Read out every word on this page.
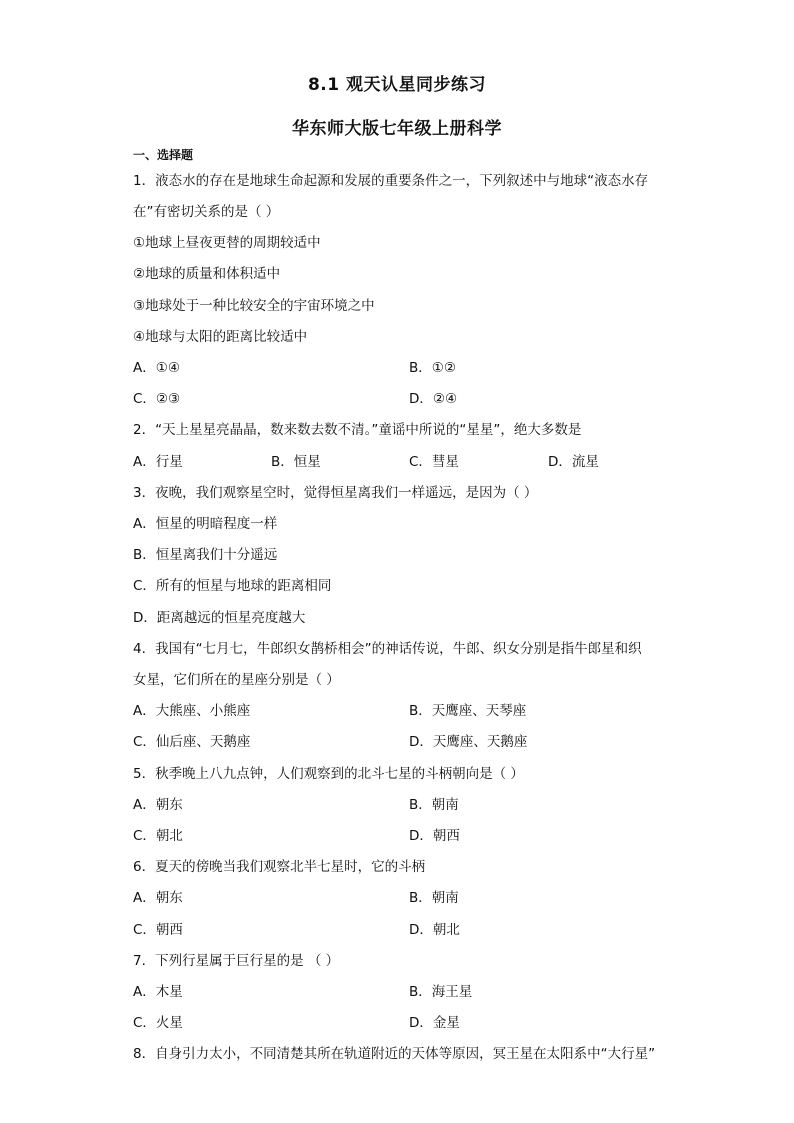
8.1 观天认星同步练习
华东师大版七年级上册科学
一、选择题
1．液态水的存在是地球生命起源和发展的重要条件之一，下列叙述中与地球“液态水存
在”有密切关系的是（ ）
①地球上昼夜更替的周期较适中
②地球的质量和体积适中
③地球处于一种比较安全的宇宙环境之中
④地球与太阳的距离比较适中
A．①④	B．①②
C．②③	D．②④
2．“天上星星亮晶晶，数来数去数不清。”童谣中所说的“星星”，绝大多数是
A．行星	B．恒星	C．彗星	D．流星
3．夜晚，我们观察星空时，觉得恒星离我们一样遥远，是因为（ ）
A．恒星的明暗程度一样
B．恒星离我们十分遥远
C．所有的恒星与地球的距离相同
D．距离越远的恒星亮度越大
4．我国有“七月七，牛郎织女鹊桥相会”的神话传说，牛郎、织女分别是指牛郎星和织
女星，它们所在的星座分别是（ ）
A．大熊座、小熊座	B．天鹰座、天琴座
C．仙后座、天鹅座	D．天鹰座、天鹅座
5．秋季晚上八九点钟，人们观察到的北斗七星的斗柄朝向是（ ）
A．朝东	B．朝南
C．朝北	D．朝西
6．夏天的傍晚当我们观察北半七星时，它的斗柄
A．朝东	B．朝南
C．朝西	D．朝北
7．下列行星属于巨行星的是 （ ）
A．木星	B．海王星
C．火星	D．金星
8．自身引力太小，不同清楚其所在轨道附近的天体等原因，冥王星在太阳系中“大行星”
